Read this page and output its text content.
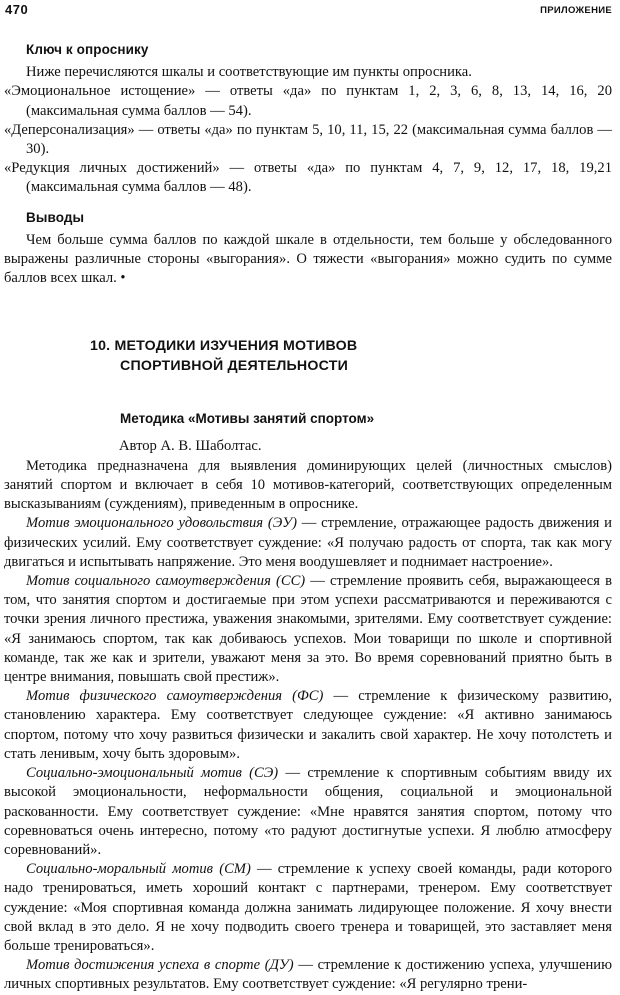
470	ПРИЛОЖЕНИЕ

Ключ к опроснику

Ниже перечисляются шкалы и соответствующие им пункты опросника.

«Эмоциональное истощение» — ответы «да» по пунктам 1, 2, 3, 6, 8, 13, 14, 16, 20 (максимальная сумма баллов — 54).

«Деперсонализация» — ответы «да» по пунктам 5, 10, 11, 15, 22 (максимальная сумма баллов — 30).

«Редукция личных достижений» — ответы «да» по пунктам 4, 7, 9, 12, 17, 18, 19,21 (максимальная сумма баллов — 48).

Выводы

Чем больше сумма баллов по каждой шкале в отдельности, тем больше у обследованного выражены различные стороны «выгорания». О тяжести «выгорания» можно судить по сумме баллов всех шкал. •

10. МЕТОДИКИ ИЗУЧЕНИЯ МОТИВОВ
СПОРТИВНОЙ ДЕЯТЕЛЬНОСТИ

Методика «Мотивы занятий спортом»

Автор А. В. Шаболтас.

Методика предназначена для выявления доминирующих целей (личностных смыслов) занятий спортом и включает в себя 10 мотивов-категорий, соответствующих определенным высказываниям (суждениям), приведенным в опроснике.

Мотив эмоционального удовольствия (ЭУ) — стремление, отражающее радость движения и физических усилий. Ему соответствует суждение: «Я получаю радость от спорта, так как могу двигаться и испытывать напряжение. Это меня воодушевляет и поднимает настроение».

Мотив социального самоутверждения (СС) — стремление проявить себя, выражающееся в том, что занятия спортом и достигаемые при этом успехи рассматриваются и переживаются с точки зрения личного престижа, уважения знакомыми, зрителями. Ему соответствует суждение: «Я занимаюсь спортом, так как добиваюсь успехов. Мои товарищи по школе и спортивной команде, так же как и зрители, уважают меня за это. Во время соревнований приятно быть в центре внимания, повышать свой престиж».

Мотив физического самоутверждения (ФС) — стремление к физическому развитию, становлению характера. Ему соответствует следующее суждение: «Я активно занимаюсь спортом, потому что хочу развиться физически и закалить свой характер. Не хочу потолстеть и стать ленивым, хочу быть здоровым».

Социально-эмоциональный мотив (СЭ) — стремление к спортивным событиям ввиду их высокой эмоциональности, неформальности общения, социальной и эмоциональной раскованности. Ему соответствует суждение: «Мне нравятся занятия спортом, потому что соревноваться очень интересно, потому «то радуют достигнутые успехи. Я люблю атмосферу соревнований».

Социально-моральный мотив (СМ) — стремление к успеху своей команды, ради которого надо тренироваться, иметь хороший контакт с партнерами, тренером. Ему соответствует суждение: «Моя спортивная команда должна занимать лидирующее положение. Я хочу внести свой вклад в это дело. Я не хочу подводить своего тренера и товарищей, это заставляет меня больше тренироваться».

Мотив достижения успеха в спорте (ДУ) — стремление к достижению успеха, улучшению личных спортивных результатов. Ему соответствует суждение: «Я регулярно трени-
